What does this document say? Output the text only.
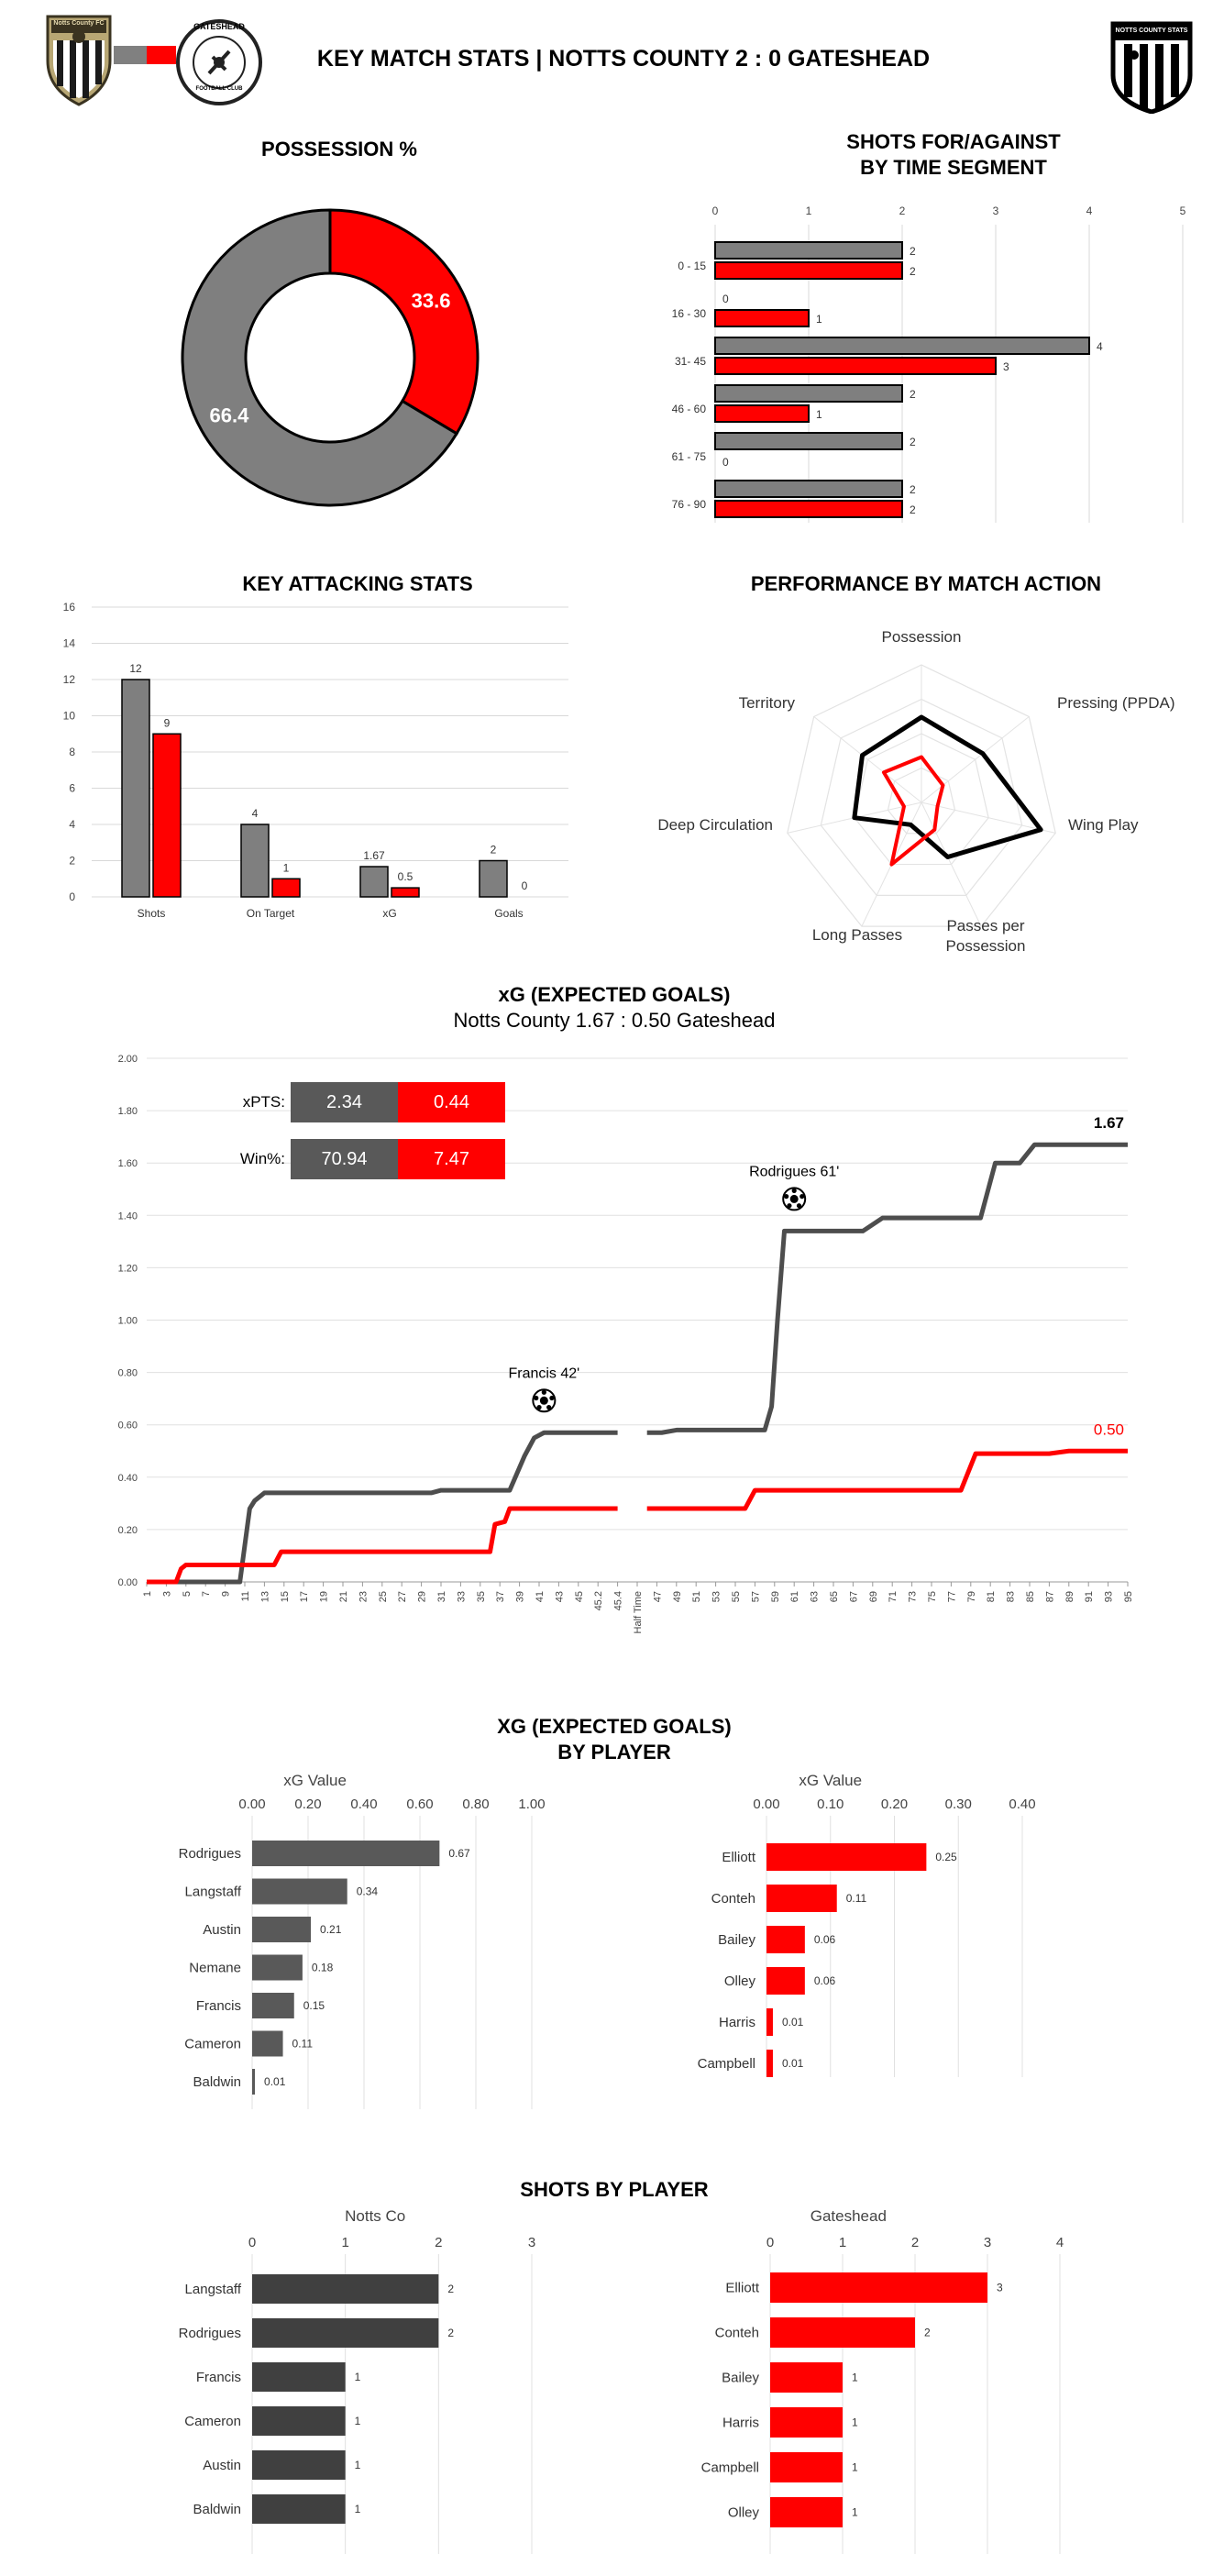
Notts County FC	GATESHEAD
FOOTBALL CLUB
KEY MATCH STATS | NOTTS COUNTY 2 : 0 GATESHEAD
NOTTS COUNTY STATS
POSSESSION %
33.6
66.4
SHOTS FOR/AGAINST
BY TIME SEGMENT
0	1	2	3	4	5
0 - 15
2
2
16 - 30
0
1
31- 45
4
3
46 - 60
2
1
61 - 75
2
0
76 - 90
2
2
KEY ATTACKING STATS
0
2
4
6
8
10
12
14
16
12
9
Shots
4
1
On Target
1.67
0.5
xG
2
0
Goals
PERFORMANCE BY MATCH ACTION
Possession
Pressing (PPDA)
Wing Play
Passes per Possession
Long Passes
Deep Circulation
Territory
xG (EXPECTED GOALS)
Notts County 1.67 : 0.50 Gateshead
0.00
0.20
0.40
0.60
0.80
1.00
1.20
1.40
1.60
1.80
2.00
1 3 5 7 9 11 13 15 17 19 21 23 25 27 29 31 33 35 37 39 41 43 45 45.2 45.4 Half Time 47 49 51 53 55 57 59 61 63 65 67 69 71 73 75 77 79 81 83 85 87 89 91 93 95
1.67
0.50
Francis 42'
Rodrigues 61'
xPTS:	2.34	0.44
Win%:	70.94	7.47
XG (EXPECTED GOALS)
BY PLAYER
xG Value
0.00 0.20 0.40 0.60 0.80 1.00
Rodrigues	0.67
Langstaff	0.34
Austin	0.21
Nemane	0.18
Francis	0.15
Cameron	0.11
Baldwin 0.01
xG Value
0.00	0.10	0.20	0.30	0.40
Elliott	0.25
Conteh	0.11
Bailey	0.06
Olley	0.06
Harris 0.01
Campbell 0.01
SHOTS BY PLAYER
Notts Co
0	1	2	3
Langstaff	2
Rodrigues	2
Francis	1
Cameron	1
Austin	1
Baldwin	1
Gateshead
0	1	2	3	4
Elliott	3
Conteh	2
Bailey	1
Harris	1
Campbell	1
Olley	1
